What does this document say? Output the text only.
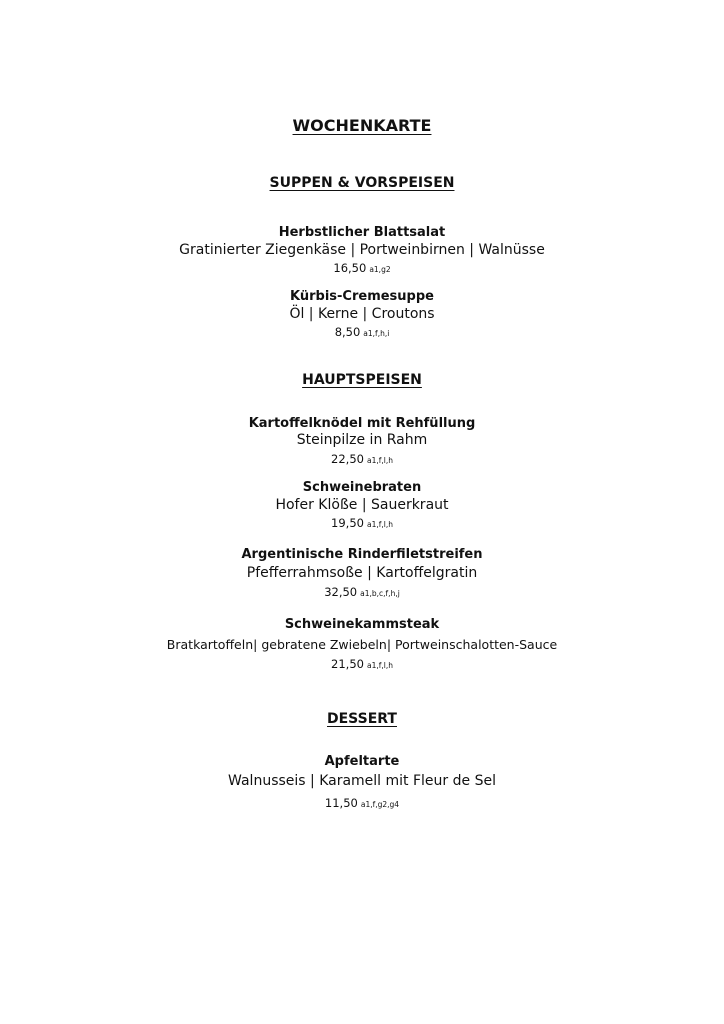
WOCHENKARTE
SUPPEN & VORSPEISEN
Herbstlicher Blattsalat
Gratinierter Ziegenkäse | Portweinbirnen | Walnüsse
16,50 a1,g2
Kürbis-Cremesuppe
Öl | Kerne | Croutons
8,50 a1,f,h,i
HAUPTSPEISEN
Kartoffelknödel mit Rehfüllung
Steinpilze in Rahm
22,50 a1,f,l,h
Schweinebraten
Hofer Klöße | Sauerkraut
19,50 a1,f,l,h
Argentinische Rinderfiletstreifen
Pfefferrahmsoße | Kartoffelgratin
32,50 a1,b,c,f,h,j
Schweinekammsteak
Bratkartoffeln| gebratene Zwiebeln| Portweinschalotten-Sauce
21,50 a1,f,l,h
DESSERT
Apfeltarte
Walnusseis | Karamell mit Fleur de Sel
11,50 a1,f,g2,g4
